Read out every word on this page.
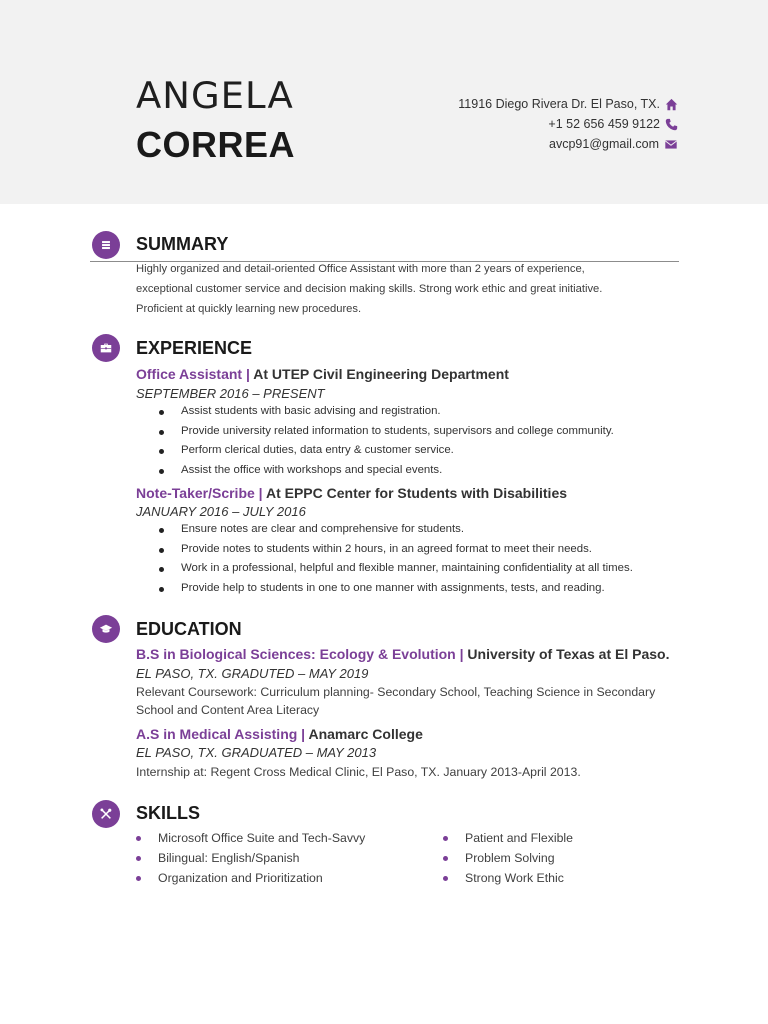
ANGELA
CORREA
11916 Diego Rivera Dr. El Paso, TX.
+1 52 656 459 9122
avcp91@gmail.com
SUMMARY
Highly organized and detail-oriented Office Assistant with more than 2 years of experience,
exceptional customer service and decision making skills. Strong work ethic and great initiative.
Proficient at quickly learning new procedures.
EXPERIENCE
Office Assistant | At UTEP Civil Engineering Department
SEPTEMBER 2016 – PRESENT
Assist students with basic advising and registration.
Provide university related information to students, supervisors and college community.
Perform clerical duties, data entry & customer service.
Assist the office with workshops and special events.
Note-Taker/Scribe | At EPPC Center for Students with Disabilities
JANUARY 2016 – JULY 2016
Ensure notes are clear and comprehensive for students.
Provide notes to students within 2 hours, in an agreed format to meet their needs.
Work in a professional, helpful and flexible manner, maintaining confidentiality at all times.
Provide help to students in one to one manner with assignments, tests, and reading.
EDUCATION
B.S in Biological Sciences: Ecology & Evolution | University of Texas at El Paso.
EL PASO, TX. GRADUTED – MAY 2019
Relevant Coursework: Curriculum planning- Secondary School, Teaching Science in Secondary
School and Content Area Literacy
A.S in Medical Assisting | Anamarc College
EL PASO, TX. GRADUATED – MAY 2013
Internship at: Regent Cross Medical Clinic, El Paso, TX. January 2013-April 2013.
SKILLS
Microsoft Office Suite and Tech-Savvy
Bilingual: English/Spanish
Organization and Prioritization
Patient and Flexible
Problem Solving
Strong Work Ethic
